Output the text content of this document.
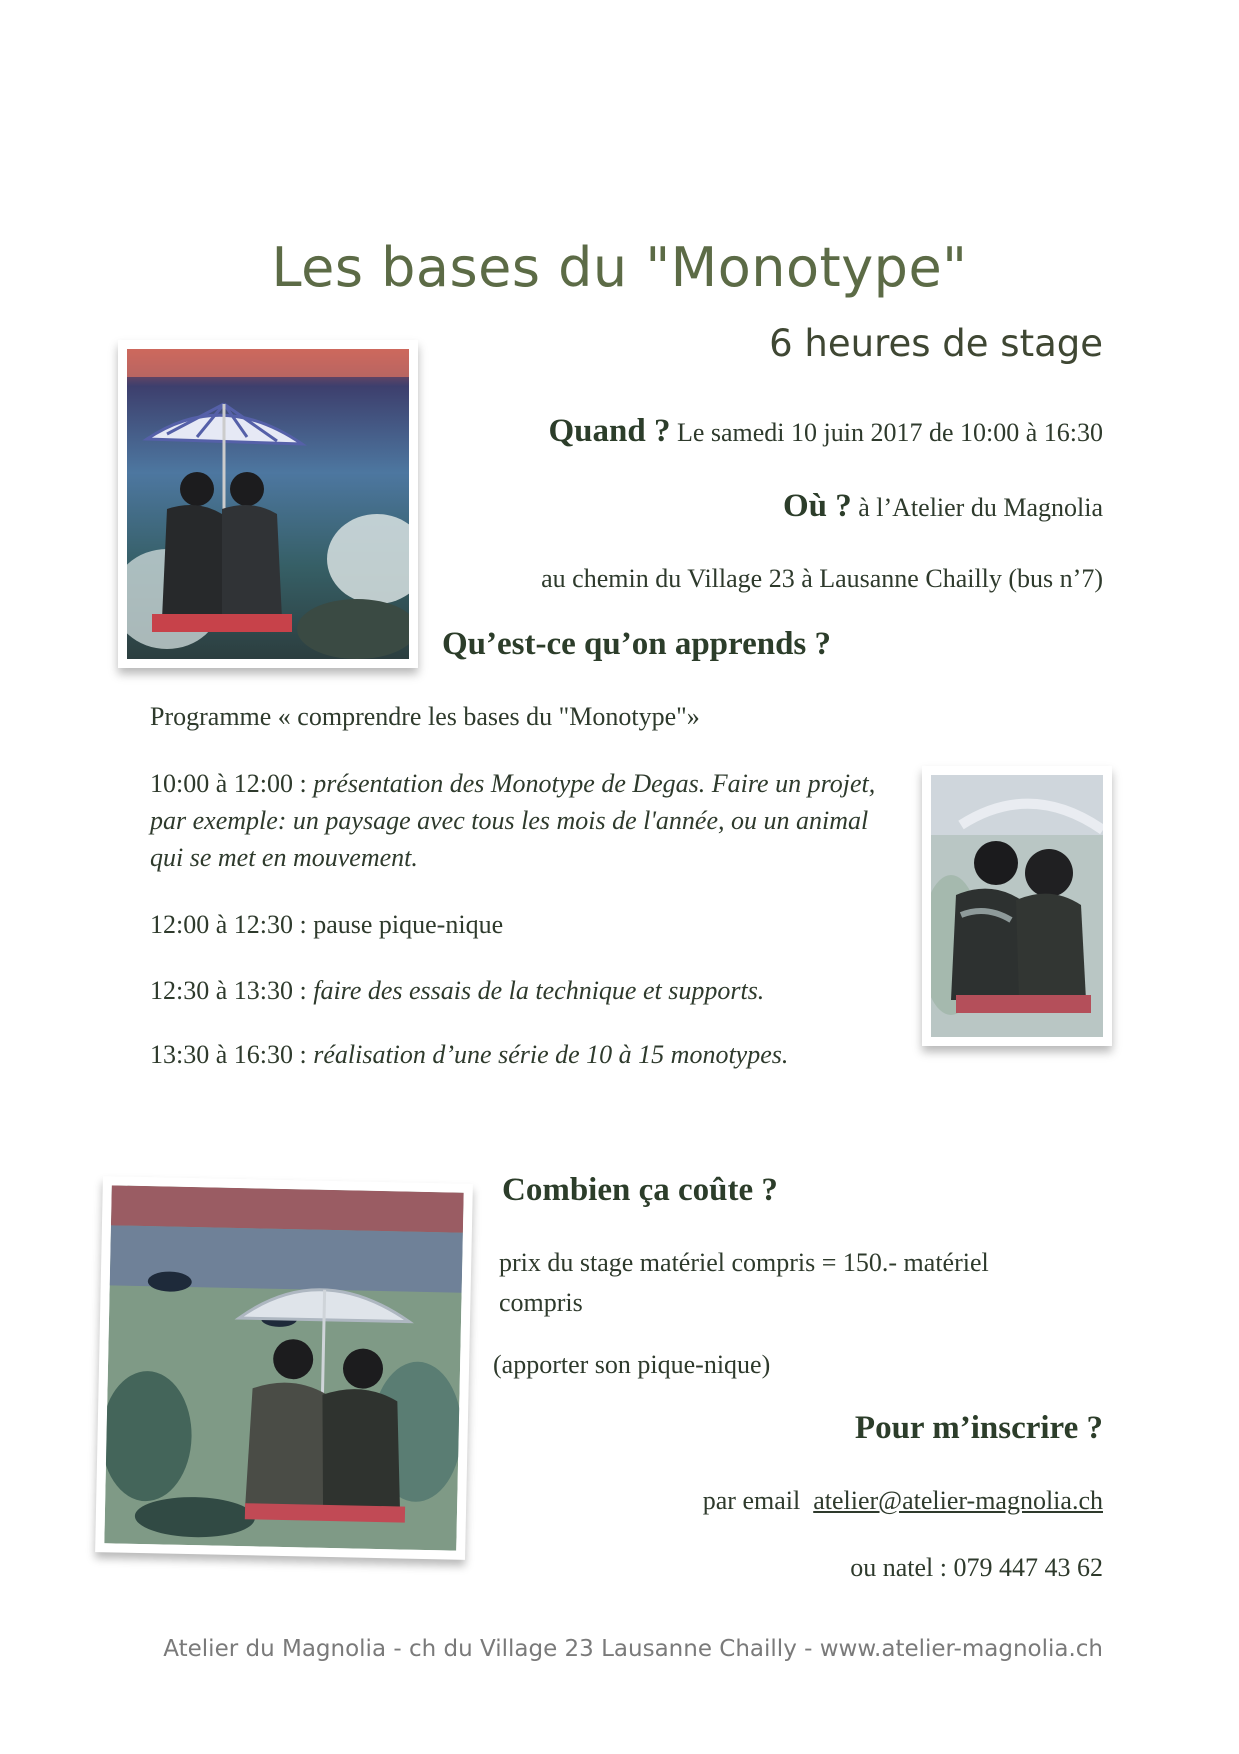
Les bases du "Monotype"
6 heures de stage
Quand ? Le samedi 10 juin 2017 de 10:00 à 16:30
Où ? à l’Atelier du Magnolia
au chemin du Village 23 à Lausanne Chailly (bus n’7)
Qu’est-ce qu’on apprends ?
Programme « comprendre les bases du "Monotype"»
10:00 à 12:00 : présentation des Monotype de Degas. Faire un projet, par exemple: un paysage avec tous les mois de l'année, ou un animal qui se met en mouvement.
12:00 à 12:30 : pause pique-nique
12:30 à 13:30 : faire des essais de la technique et supports.
13:30 à 16:30 : réalisation d’une série de 10 à 15 monotypes.
Combien ça coûte ?
prix du stage matériel compris = 150.- matériel
compris
(apporter son pique-nique)
Pour m’inscrire ?
par email atelier@atelier-magnolia.ch
ou natel : 079 447 43 62
Atelier du Magnolia - ch du Village 23 Lausanne Chailly - www.atelier-magnolia.ch
